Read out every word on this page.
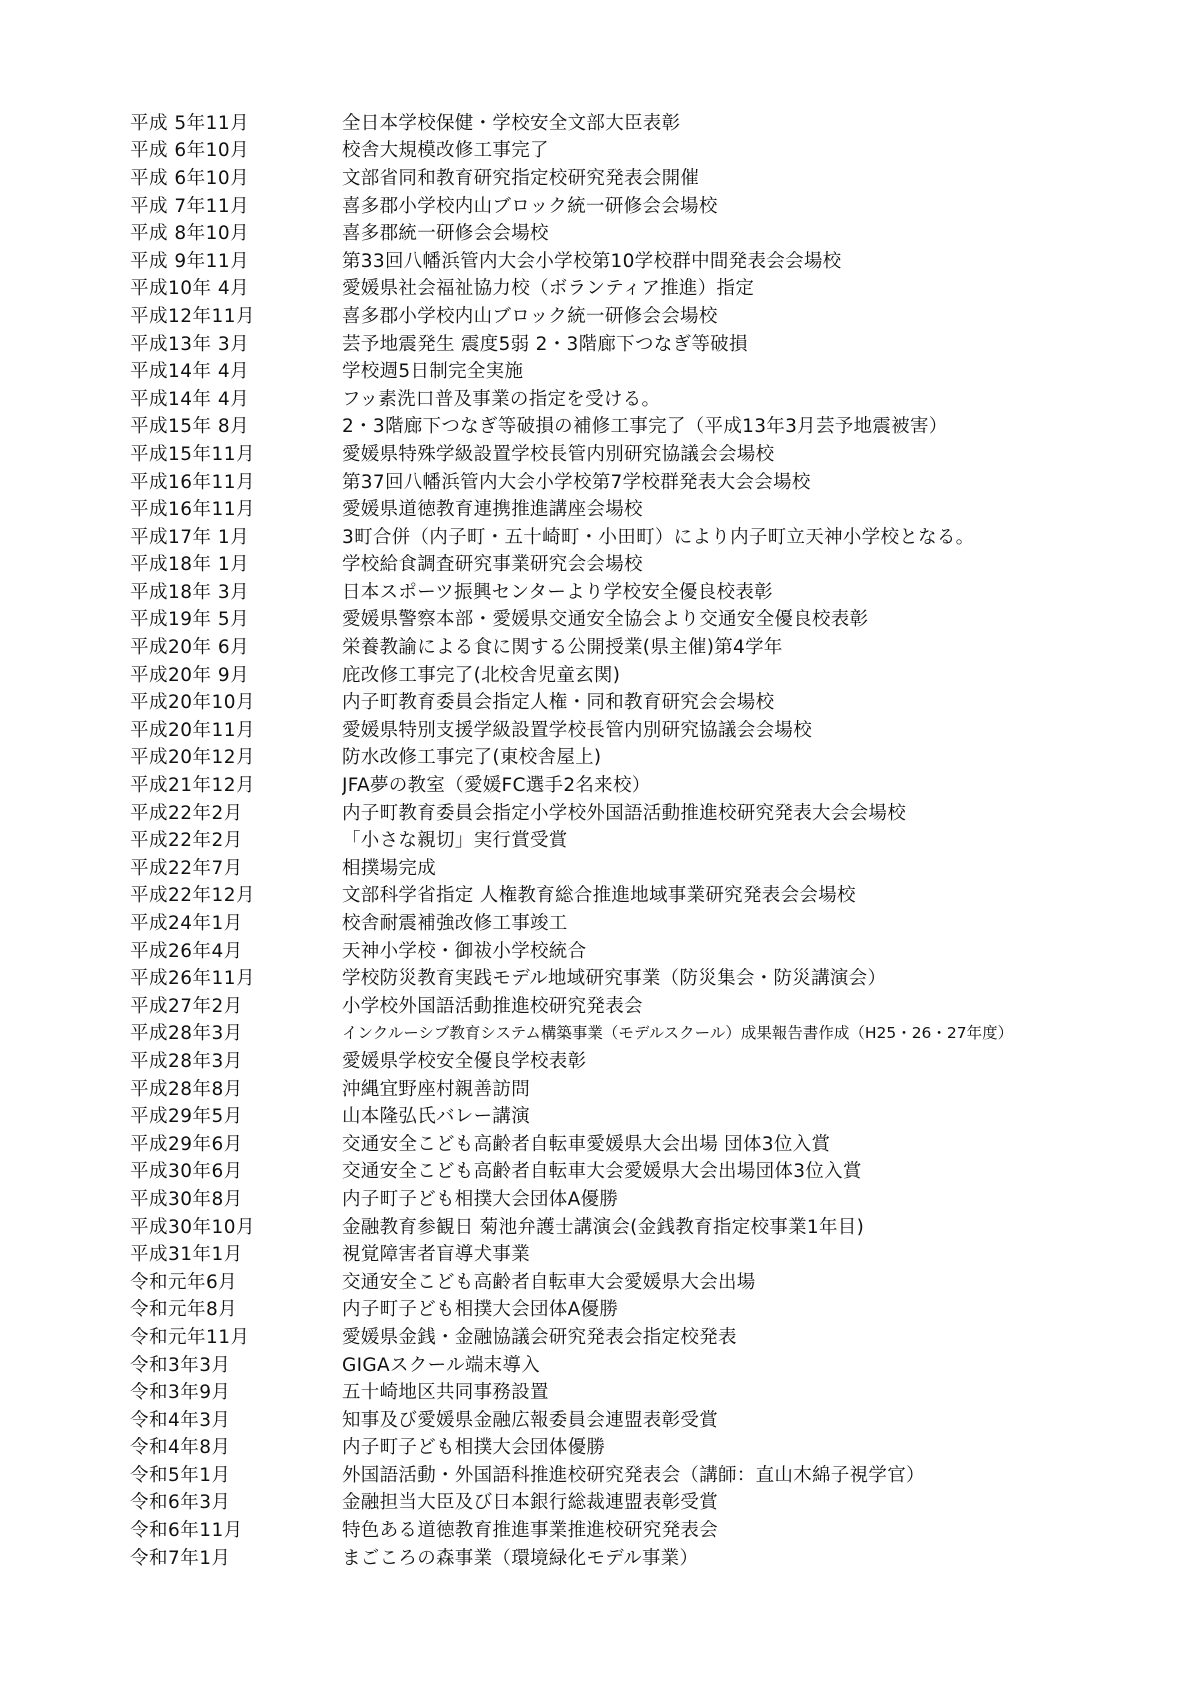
平成 5年11月	全日本学校保健・学校安全文部大臣表彰
平成 6年10月	校舎大規模改修工事完了
平成 6年10月	文部省同和教育研究指定校研究発表会開催
平成 7年11月	喜多郡小学校内山ブロック統一研修会会場校
平成 8年10月	喜多郡統一研修会会場校
平成 9年11月	第33回八幡浜管内大会小学校第10学校群中間発表会会場校
平成10年 4月	愛媛県社会福祉協力校（ボランティア推進）指定
平成12年11月	喜多郡小学校内山ブロック統一研修会会場校
平成13年 3月	芸予地震発生 震度5弱 2・3階廊下つなぎ等破損
平成14年 4月	学校週5日制完全実施
平成14年 4月	フッ素洗口普及事業の指定を受ける。
平成15年 8月	2・3階廊下つなぎ等破損の補修工事完了（平成13年3月芸予地震被害）
平成15年11月	愛媛県特殊学級設置学校長管内別研究協議会会場校
平成16年11月	第37回八幡浜管内大会小学校第7学校群発表大会会場校
平成16年11月	愛媛県道徳教育連携推進講座会場校
平成17年 1月	3町合併（内子町・五十崎町・小田町）により内子町立天神小学校となる。
平成18年 1月	学校給食調査研究事業研究会会場校
平成18年 3月	日本スポーツ振興センターより学校安全優良校表彰
平成19年 5月	愛媛県警察本部・愛媛県交通安全協会より交通安全優良校表彰
平成20年 6月	栄養教諭による食に関する公開授業(県主催)第4学年
平成20年 9月	庇改修工事完了(北校舎児童玄関)
平成20年10月	内子町教育委員会指定人権・同和教育研究会会場校
平成20年11月	愛媛県特別支援学級設置学校長管内別研究協議会会場校
平成20年12月	防水改修工事完了(東校舎屋上)
平成21年12月	JFA夢の教室（愛媛FC選手2名来校）
平成22年2月	内子町教育委員会指定小学校外国語活動推進校研究発表大会会場校
平成22年2月	「小さな親切」実行賞受賞
平成22年7月	相撲場完成
平成22年12月	文部科学省指定 人権教育総合推進地域事業研究発表会会場校
平成24年1月	校舎耐震補強改修工事竣工
平成26年4月	天神小学校・御祓小学校統合
平成26年11月	学校防災教育実践モデル地域研究事業（防災集会・防災講演会）
平成27年2月	小学校外国語活動推進校研究発表会
平成28年3月	インクルーシブ教育システム構築事業（モデルスクール）成果報告書作成（H25・26・27年度）
平成28年3月	愛媛県学校安全優良学校表彰
平成28年8月	沖縄宜野座村親善訪問
平成29年5月	山本隆弘氏バレー講演
平成29年6月	交通安全こども高齢者自転車愛媛県大会出場 団体3位入賞
平成30年6月	交通安全こども高齢者自転車大会愛媛県大会出場団体3位入賞
平成30年8月	内子町子ども相撲大会団体A優勝
平成30年10月	金融教育参観日 菊池弁護士講演会(金銭教育指定校事業1年目)
平成31年1月	視覚障害者盲導犬事業
令和元年6月	交通安全こども高齢者自転車大会愛媛県大会出場
令和元年8月	内子町子ども相撲大会団体A優勝
令和元年11月	愛媛県金銭・金融協議会研究発表会指定校発表
令和3年3月	GIGAスクール端末導入
令和3年9月	五十崎地区共同事務設置
令和4年3月	知事及び愛媛県金融広報委員会連盟表彰受賞
令和4年8月	内子町子ども相撲大会団体優勝
令和5年1月	外国語活動・外国語科推進校研究発表会（講師：直山木綿子視学官）
令和6年3月	金融担当大臣及び日本銀行総裁連盟表彰受賞
令和6年11月	特色ある道徳教育推進事業推進校研究発表会
令和7年1月	まごころの森事業（環境緑化モデル事業）
